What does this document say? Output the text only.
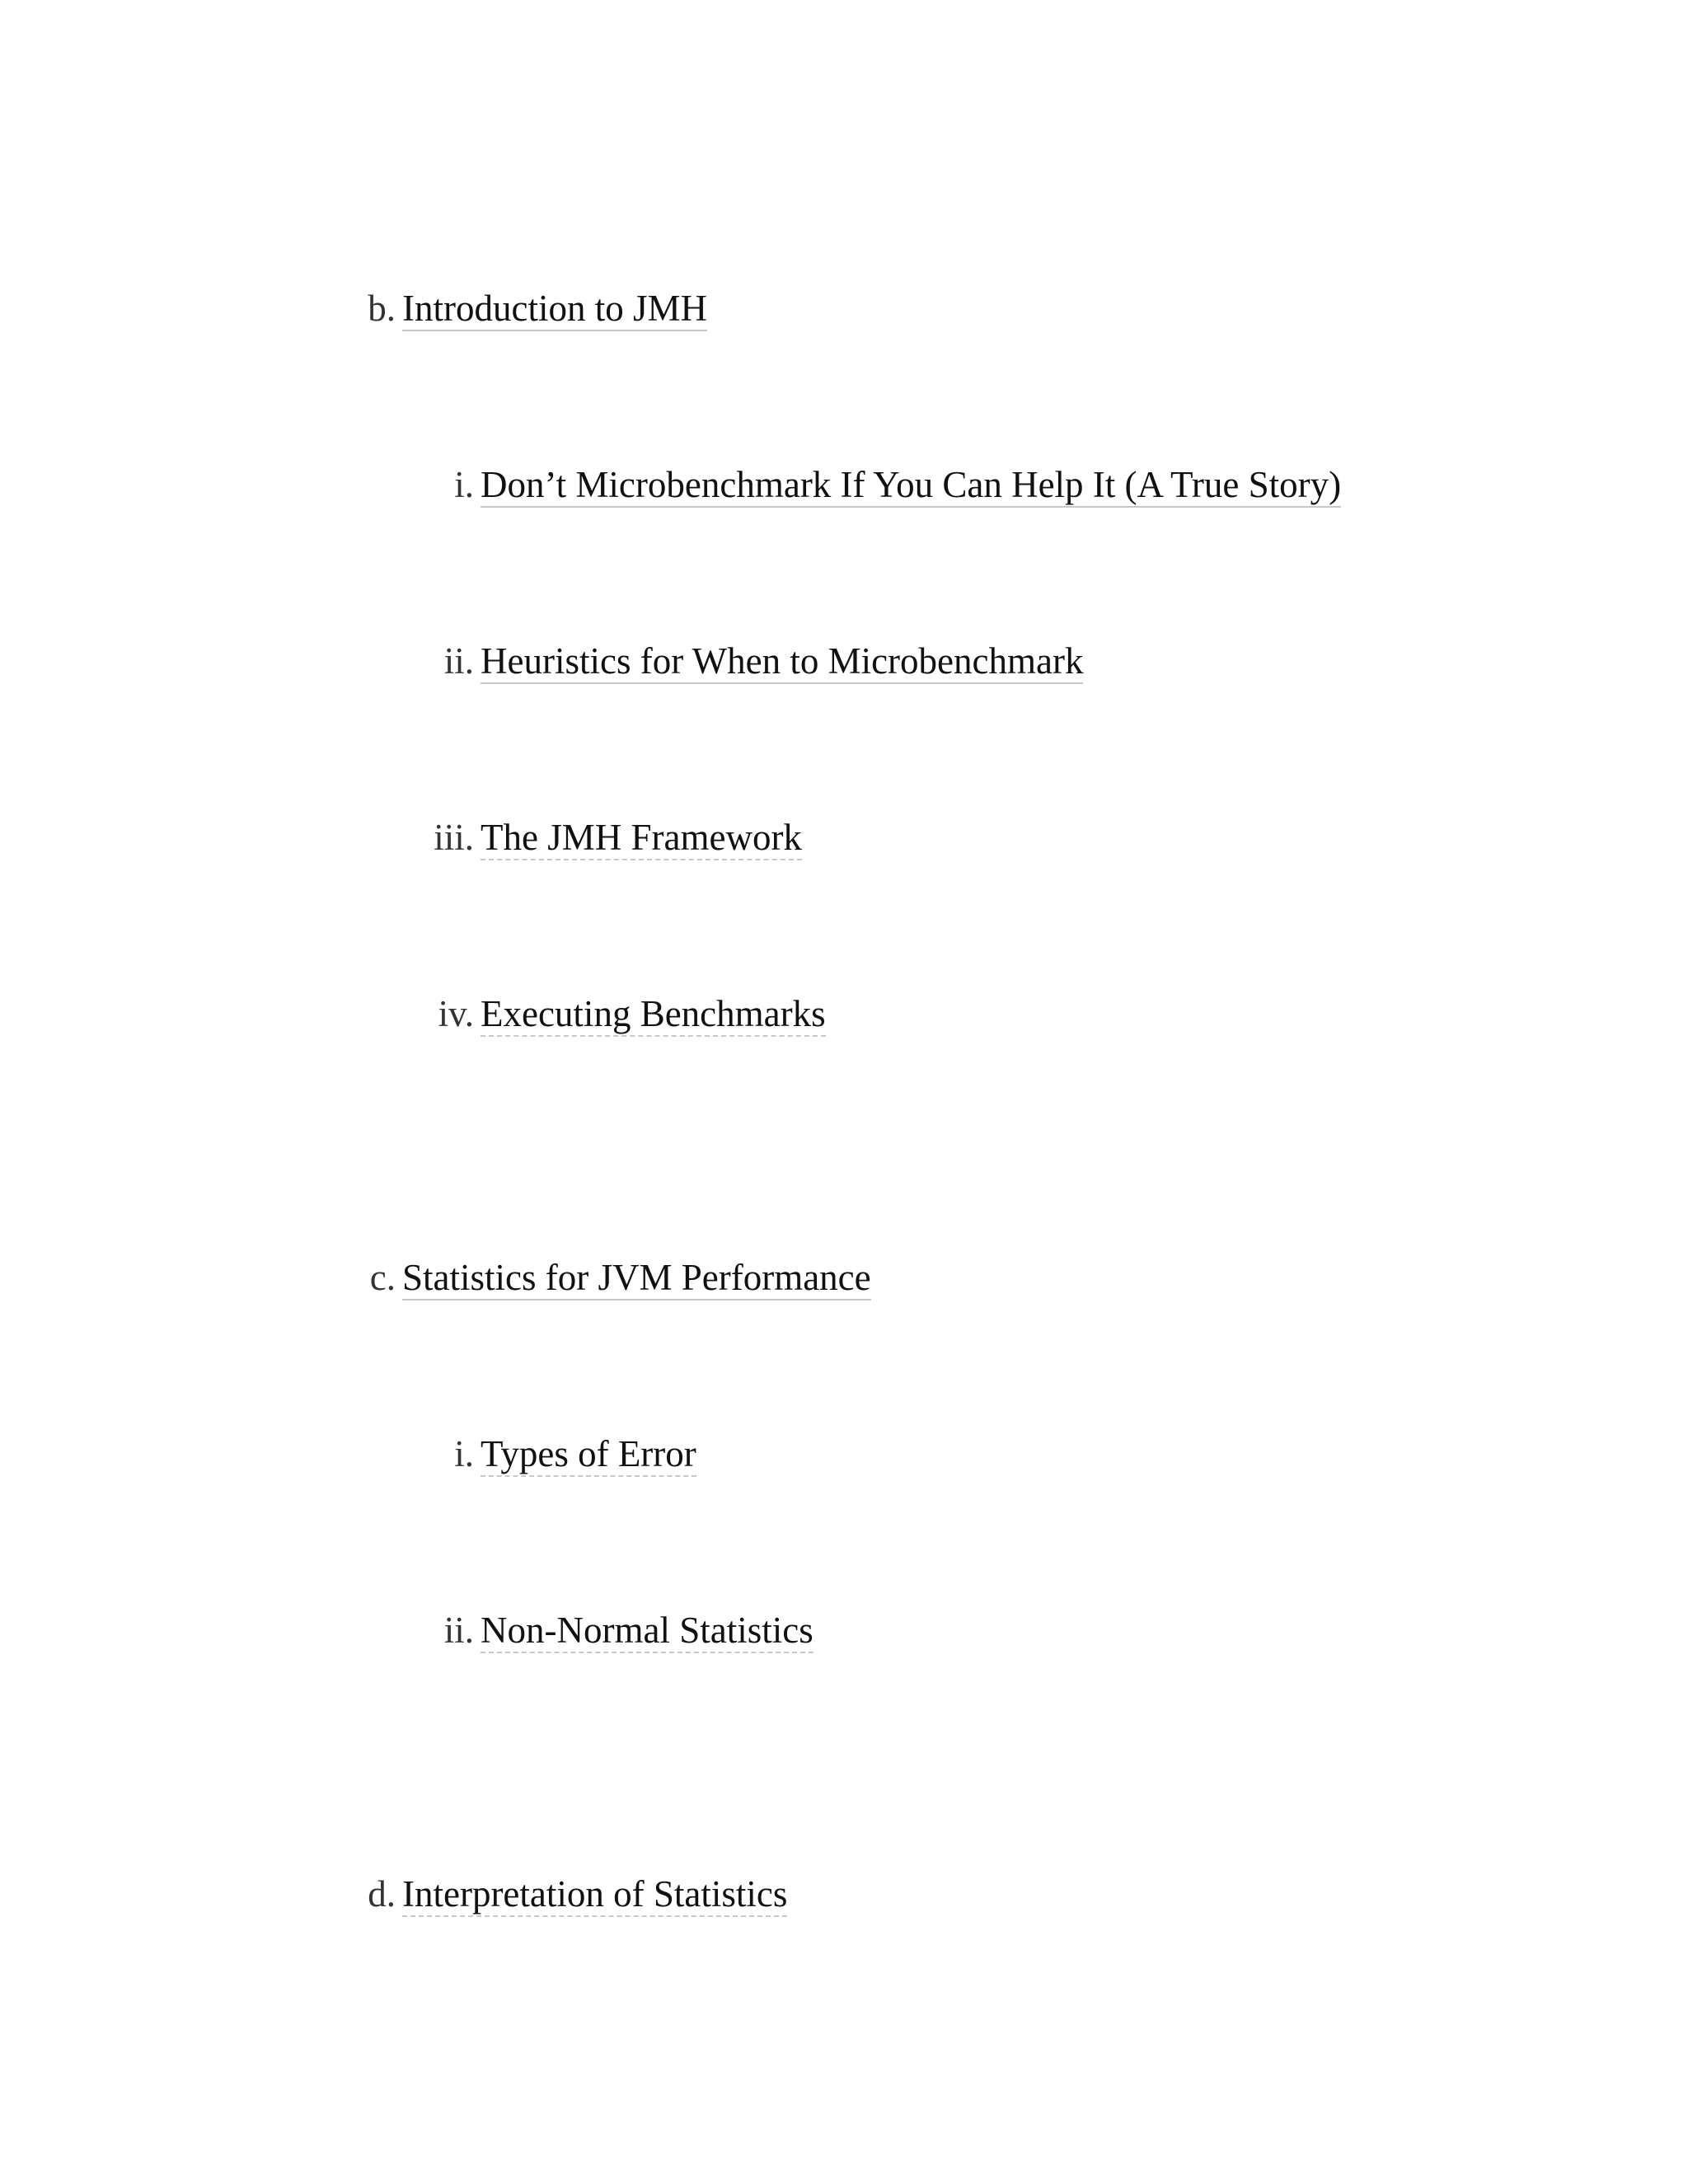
b. Introduction to JMH
i. Don’t Microbenchmark If You Can Help It (A True Story)
ii. Heuristics for When to Microbenchmark
iii. The JMH Framework
iv. Executing Benchmarks
c. Statistics for JVM Performance
i. Types of Error
ii. Non-Normal Statistics
d. Interpretation of Statistics
